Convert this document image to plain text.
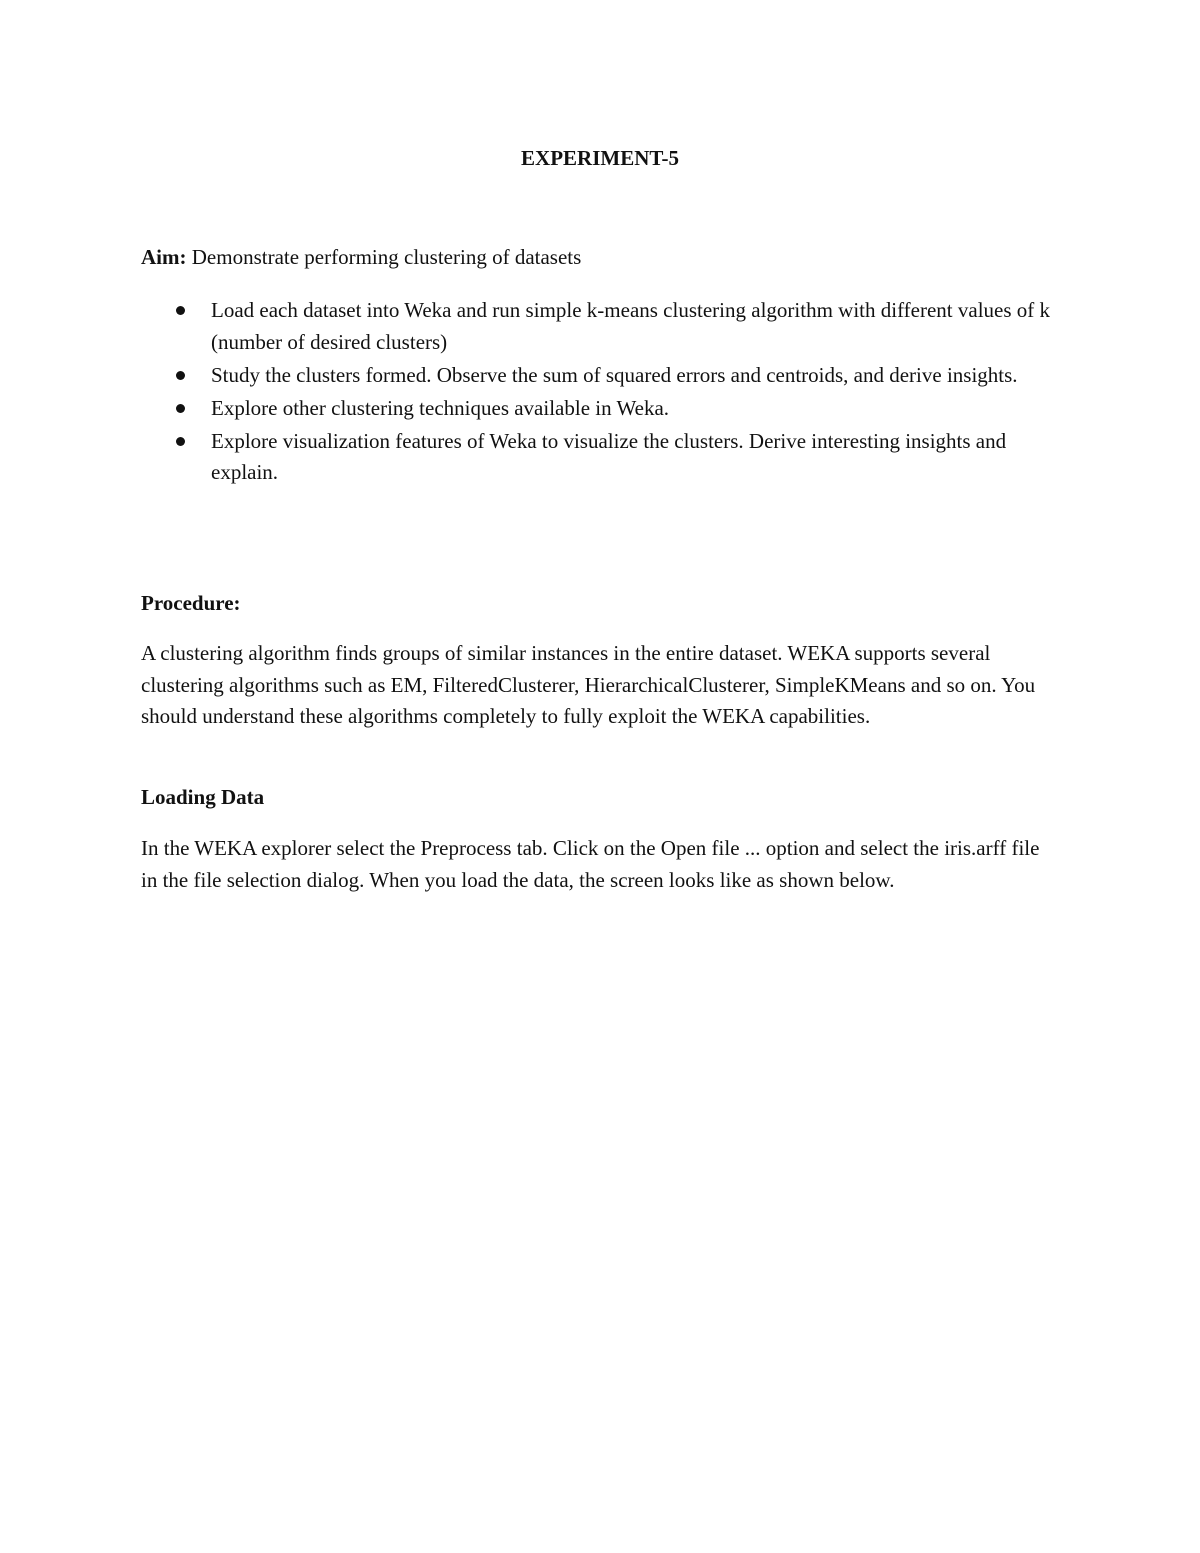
EXPERIMENT-5
Aim: Demonstrate performing clustering of datasets
Load each dataset into Weka and run simple k-means clustering algorithm with different values of k (number of desired clusters)
Study the clusters formed. Observe the sum of squared errors and centroids, and derive insights.
Explore other clustering techniques available in Weka.
Explore visualization features of Weka to visualize the clusters. Derive interesting insights and explain.
Procedure:
A clustering algorithm finds groups of similar instances in the entire dataset. WEKA supports several clustering algorithms such as EM, FilteredClusterer, HierarchicalClusterer, SimpleKMeans and so on. You should understand these algorithms completely to fully exploit the WEKA capabilities.
Loading Data
In the WEKA explorer select the Preprocess tab. Click on the Open file ... option and select the iris.arff file in the file selection dialog. When you load the data, the screen looks like as shown below.
